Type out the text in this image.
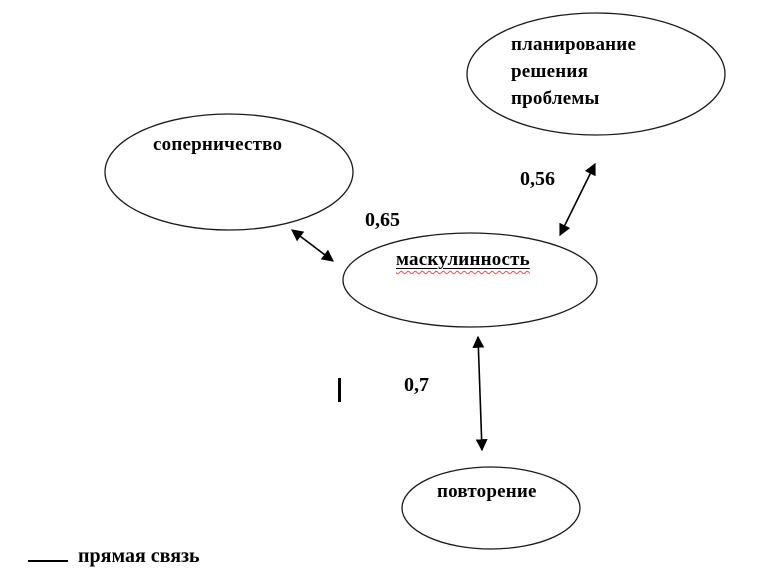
планирование
решения
проблемы
соперничество
маскулинность
повторение
0,65
0,56
0,7
прямая связь
